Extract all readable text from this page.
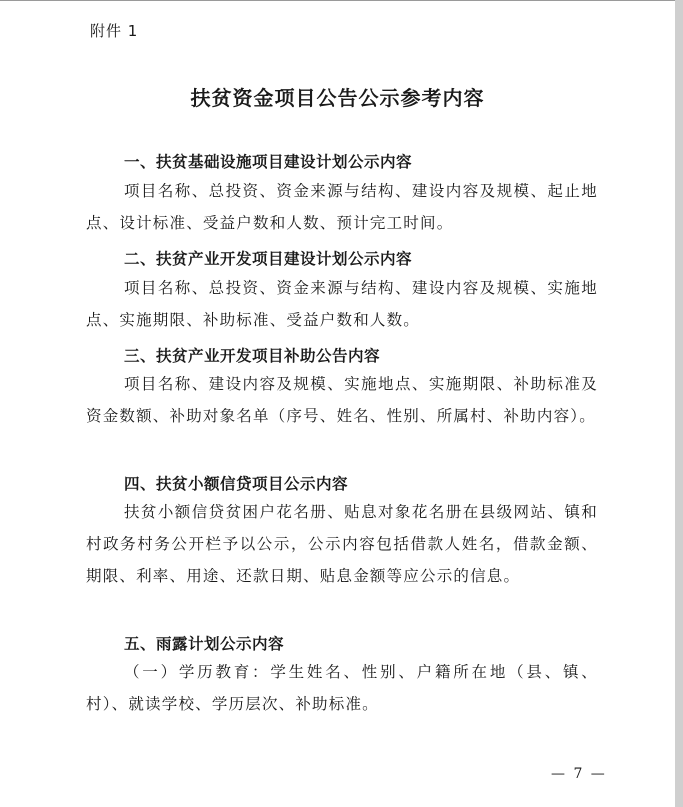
附件 1
扶贫资金项目公告公示参考内容
一、扶贫基础设施项目建设计划公示内容
项目名称、总投资、资金来源与结构、建设内容及规模、起止地点、设计标准、受益户数和人数、预计完工时间。
二、扶贫产业开发项目建设计划公示内容
项目名称、总投资、资金来源与结构、建设内容及规模、实施地点、实施期限、补助标准、受益户数和人数。
三、扶贫产业开发项目补助公告内容
项目名称、建设内容及规模、实施地点、实施期限、补助标准及资金数额、补助对象名单（序号、姓名、性别、所属村、补助内容）。
四、扶贫小额信贷项目公示内容
扶贫小额信贷贫困户花名册、贴息对象花名册在县级网站、镇和村政务村务公开栏予以公示，公示内容包括借款人姓名，借款金额、期限、利率、用途、还款日期、贴息金额等应公示的信息。
五、雨露计划公示内容
（一）学历教育：学生姓名、性别、户籍所在地（县、镇、村）、就读学校、学历层次、补助标准。
— 7 —
